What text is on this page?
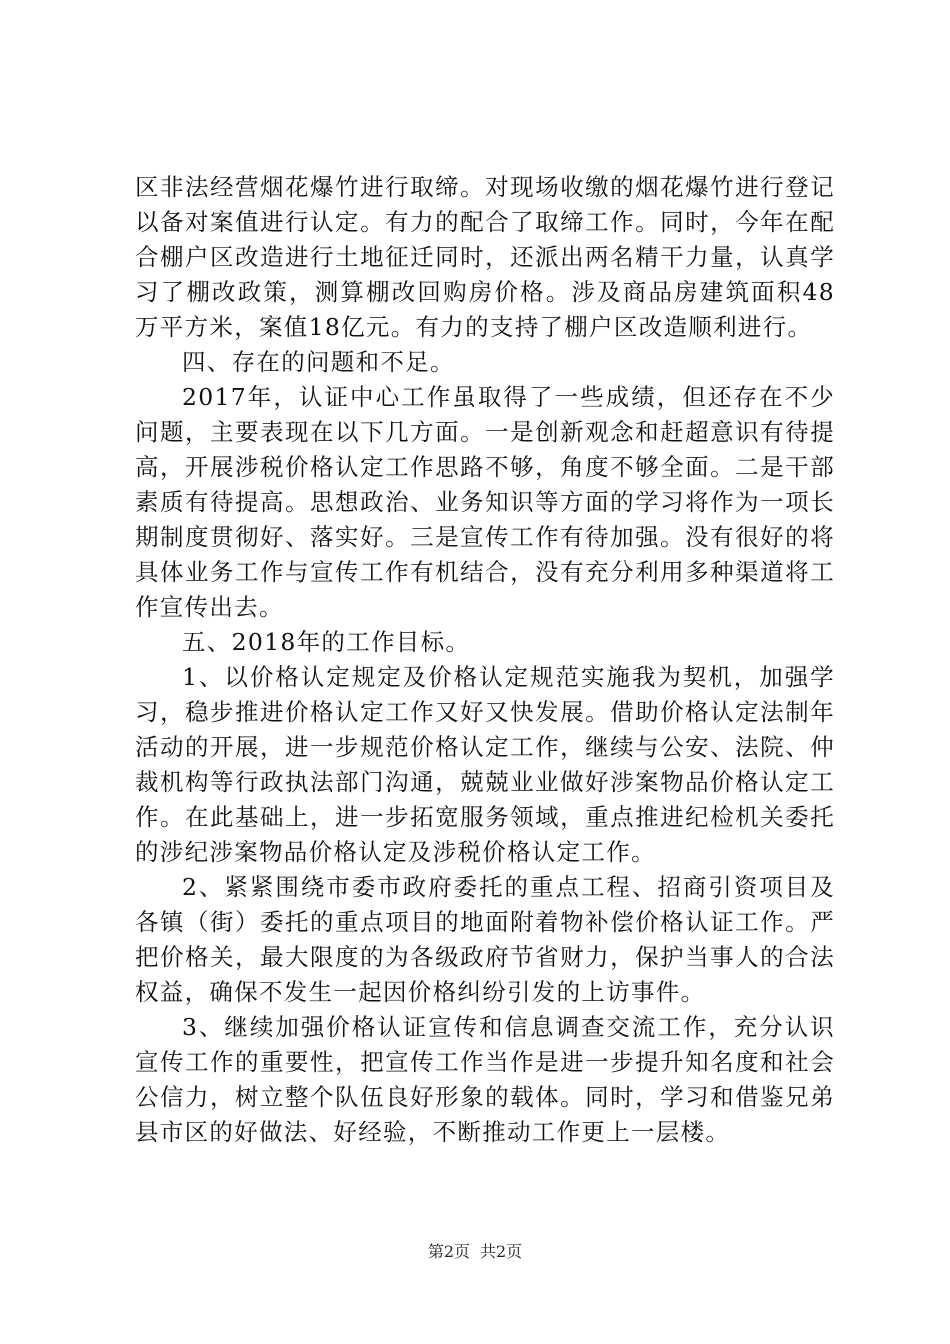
区非法经营烟花爆竹进行取缔。对现场收缴的烟花爆竹进行登记以备对案值进行认定。有力的配合了取缔工作。同时，今年在配合棚户区改造进行土地征迁同时，还派出两名精干力量，认真学习了棚改政策，测算棚改回购房价格。涉及商品房建筑面积48万平方米，案值18亿元。有力的支持了棚户区改造顺利进行。

四、存在的问题和不足。

2017年，认证中心工作虽取得了一些成绩，但还存在不少问题，主要表现在以下几方面。一是创新观念和赶超意识有待提高，开展涉税价格认定工作思路不够，角度不够全面。二是干部素质有待提高。思想政治、业务知识等方面的学习将作为一项长期制度贯彻好、落实好。三是宣传工作有待加强。没有很好的将具体业务工作与宣传工作有机结合，没有充分利用多种渠道将工作宣传出去。

五、2018年的工作目标。

1、以价格认定规定及价格认定规范实施我为契机，加强学习，稳步推进价格认定工作又好又快发展。借助价格认定法制年活动的开展，进一步规范价格认定工作，继续与公安、法院、仲裁机构等行政执法部门沟通，兢兢业业做好涉案物品价格认定工作。在此基础上，进一步拓宽服务领域，重点推进纪检机关委托的涉纪涉案物品价格认定及涉税价格认定工作。

2、紧紧围绕市委市政府委托的重点工程、招商引资项目及各镇（街）委托的重点项目的地面附着物补偿价格认证工作。严把价格关，最大限度的为各级政府节省财力，保护当事人的合法权益，确保不发生一起因价格纠纷引发的上访事件。

3、继续加强价格认证宣传和信息调查交流工作，充分认识宣传工作的重要性，把宣传工作当作是进一步提升知名度和社会公信力，树立整个队伍良好形象的载体。同时，学习和借鉴兄弟县市区的好做法、好经验，不断推动工作更上一层楼。

第2页 共2页
